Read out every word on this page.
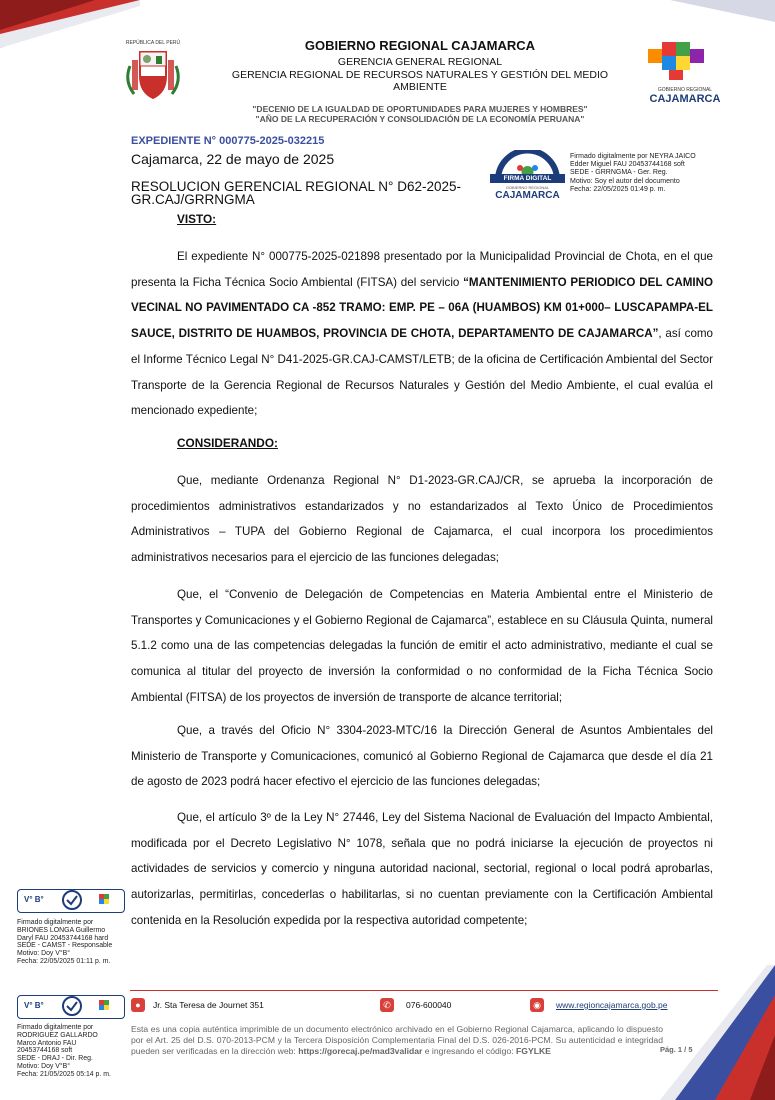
REPÚBLICA DEL PERÚ
GOBIERNO REGIONAL
CAJAMARCA
GOBIERNO REGIONAL CAJAMARCA
GERENCIA GENERAL REGIONAL
GERENCIA REGIONAL DE RECURSOS NATURALES Y GESTIÓN DEL MEDIO
AMBIENTE
"DECENIO DE LA IGUALDAD DE OPORTUNIDADES PARA MUJERES Y HOMBRES"
"AÑO DE LA RECUPERACIÓN Y CONSOLIDACIÓN DE LA ECONOMÍA PERUANA"
EXPEDIENTE N° 000775-2025-032215
Cajamarca, 22 de mayo de 2025
RESOLUCION GERENCIAL REGIONAL N° D62-2025-GR.CAJ/GRRNGMA
FIRMA DIGITAL
GOBIERNO REGIONAL
CAJAMARCA
Firmado digitalmente por NEYRA JAICO
Edder Miguel FAU 20453744168 soft
SEDE - GRRNGMA - Ger. Reg.
Motivo: Soy el autor del documento
Fecha: 22/05/2025 01:49 p. m.
VISTO:
El expediente N° 000775-2025-021898 presentado por la Municipalidad Provincial de Chota, en el que presenta la Ficha Técnica Socio Ambiental (FITSA) del servicio “MANTENIMIENTO PERIODICO DEL CAMINO VECINAL NO PAVIMENTADO CA -852 TRAMO: EMP. PE – 06A (HUAMBOS) KM 01+000– LUSCAPAMPA-EL SAUCE, DISTRITO DE HUAMBOS, PROVINCIA DE CHOTA, DEPARTAMENTO DE CAJAMARCA”, así como el Informe Técnico Legal N° D41-2025-GR.CAJ-CAMST/LETB; de la oficina de Certificación Ambiental del Sector Transporte de la Gerencia Regional de Recursos Naturales y Gestión del Medio Ambiente, el cual evalúa el mencionado expediente;
CONSIDERANDO:
Que, mediante Ordenanza Regional N° D1-2023-GR.CAJ/CR, se aprueba la incorporación de procedimientos administrativos estandarizados y no estandarizados al Texto Único de Procedimientos Administrativos – TUPA del Gobierno Regional de Cajamarca, el cual incorpora los procedimientos administrativos necesarios para el ejercicio de las funciones delegadas;
Que, el “Convenio de Delegación de Competencias en Materia Ambiental entre el Ministerio de Transportes y Comunicaciones y el Gobierno Regional de Cajamarca”, establece en su Cláusula Quinta, numeral 5.1.2 como una de las competencias delegadas la función de emitir el acto administrativo, mediante el cual se comunica al titular del proyecto de inversión la conformidad o no conformidad de la Ficha Técnica Socio Ambiental (FITSA) de los proyectos de inversión de transporte de alcance territorial;
Que, a través del Oficio N° 3304-2023-MTC/16 la Dirección General de Asuntos Ambientales del Ministerio de Transporte y Comunicaciones, comunicó al Gobierno Regional de Cajamarca que desde el día 21 de agosto de 2023 podrá hacer efectivo el ejercicio de las funciones delegadas;
Que, el artículo 3º de la Ley N° 27446, Ley del Sistema Nacional de Evaluación del Impacto Ambiental, modificada por el Decreto Legislativo N° 1078, señala que no podrá iniciarse la ejecución de proyectos ni actividades de servicios y comercio y ninguna autoridad nacional, sectorial, regional o local podrá aprobarlas, autorizarlas, permitirlas, concederlas o habilitarlas, si no cuentan previamente con la Certificación Ambiental contenida en la Resolución expedida por la respectiva autoridad competente;
V° B°
Firmado digitalmente por
BRIONES LONGA Guillermo
Daryl FAU 20453744168 hard
SEDE - CAMST - Responsable
Motivo: Doy V°B°
Fecha: 22/05/2025 01:11 p. m.
V° B°
Firmado digitalmente por
RODRIGUEZ GALLARDO
Marco Antonio FAU
20453744168 soft
SEDE - DRAJ - Dir. Reg.
Motivo: Doy V°B°
Fecha: 21/05/2025 05:14 p. m.
●	Jr. Sta Teresa de Journet 351	✆	076-600040	◉	www.regioncajamarca.gob.pe
Esta es una copia auténtica imprimible de un documento electrónico archivado en el Gobierno Regional Cajamarca, aplicando lo dispuesto por el Art. 25 del D.S. 070-2013-PCM y la Tercera Disposición Complementaria Final del D.S. 026-2016-PCM. Su autenticidad e integridad pueden ser verificadas en la dirección web: https://gorecaj.pe/mad3validar e ingresando el código: FGYLKE	Pág. 1 / 5
